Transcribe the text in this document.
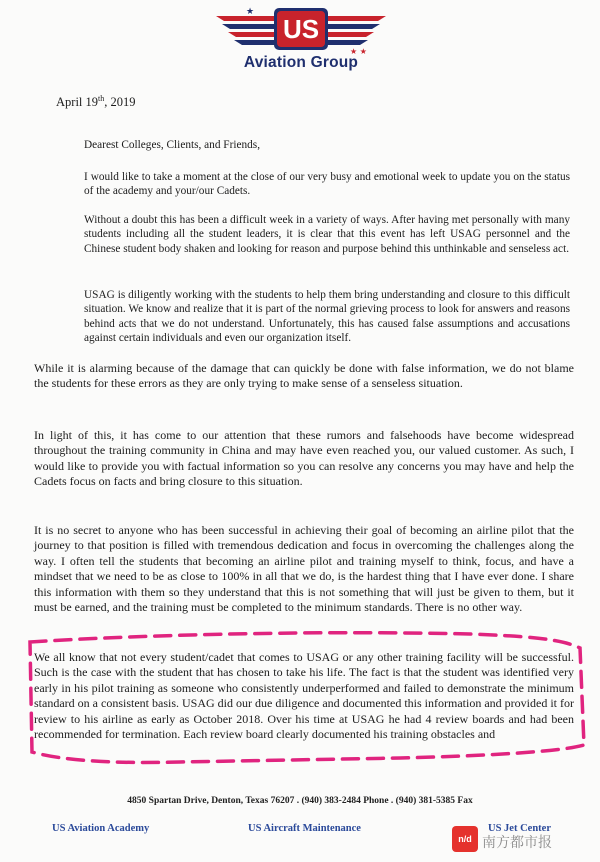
★
★ ★
US
Aviation Group
April 19th, 2019

Dearest Colleges, Clients, and Friends,

I would like to take a moment at the close of our very busy and emotional week to update you on the status of the academy and your/our Cadets.

Without a doubt this has been a difficult week in a variety of ways. After having met personally with many students including all the student leaders, it is clear that this event has left USAG personnel and the Chinese student body shaken and looking for reason and purpose behind this unthinkable and senseless act.

USAG is diligently working with the students to help them bring understanding and closure to this difficult situation. We know and realize that it is part of the normal grieving process to look for answers and reasons behind acts that we do not understand. Unfortunately, this has caused false assumptions and accusations against certain individuals and even our organization itself.

While it is alarming because of the damage that can quickly be done with false information, we do not blame the students for these errors as they are only trying to make sense of a senseless situation.

In light of this, it has come to our attention that these rumors and falsehoods have become widespread throughout the training community in China and may have even reached you, our valued customer. As such, I would like to provide you with factual information so you can resolve any concerns you may have and help the Cadets focus on facts and bring closure to this situation.

It is no secret to anyone who has been successful in achieving their goal of becoming an airline pilot that the journey to that position is filled with tremendous dedication and focus in overcoming the challenges along the way. I often tell the students that becoming an airline pilot and training myself to think, focus, and have a mindset that we need to be as close to 100% in all that we do, is the hardest thing that I have ever done. I share this information with them so they understand that this is not something that will just be given to them, but it must be earned, and the training must be completed to the minimum standards. There is no other way.

We all know that not every student/cadet that comes to USAG or any other training facility will be successful. Such is the case with the student that has chosen to take his life. The fact is that the student was identified very early in his pilot training as someone who consistently underperformed and failed to demonstrate the minimum standard on a consistent basis. USAG did our due diligence and documented this information and provided it for review to his airline as early as October 2018. Over his time at USAG he had 4 review boards and had been recommended for termination. Each review board clearly documented his training obstacles and

4850 Spartan Drive, Denton, Texas 76207 . (940) 383-2484 Phone . (940) 381-5385 Fax
US Aviation Academy	US Aircraft Maintenance	US Jet Center
n/d 南方都市报
